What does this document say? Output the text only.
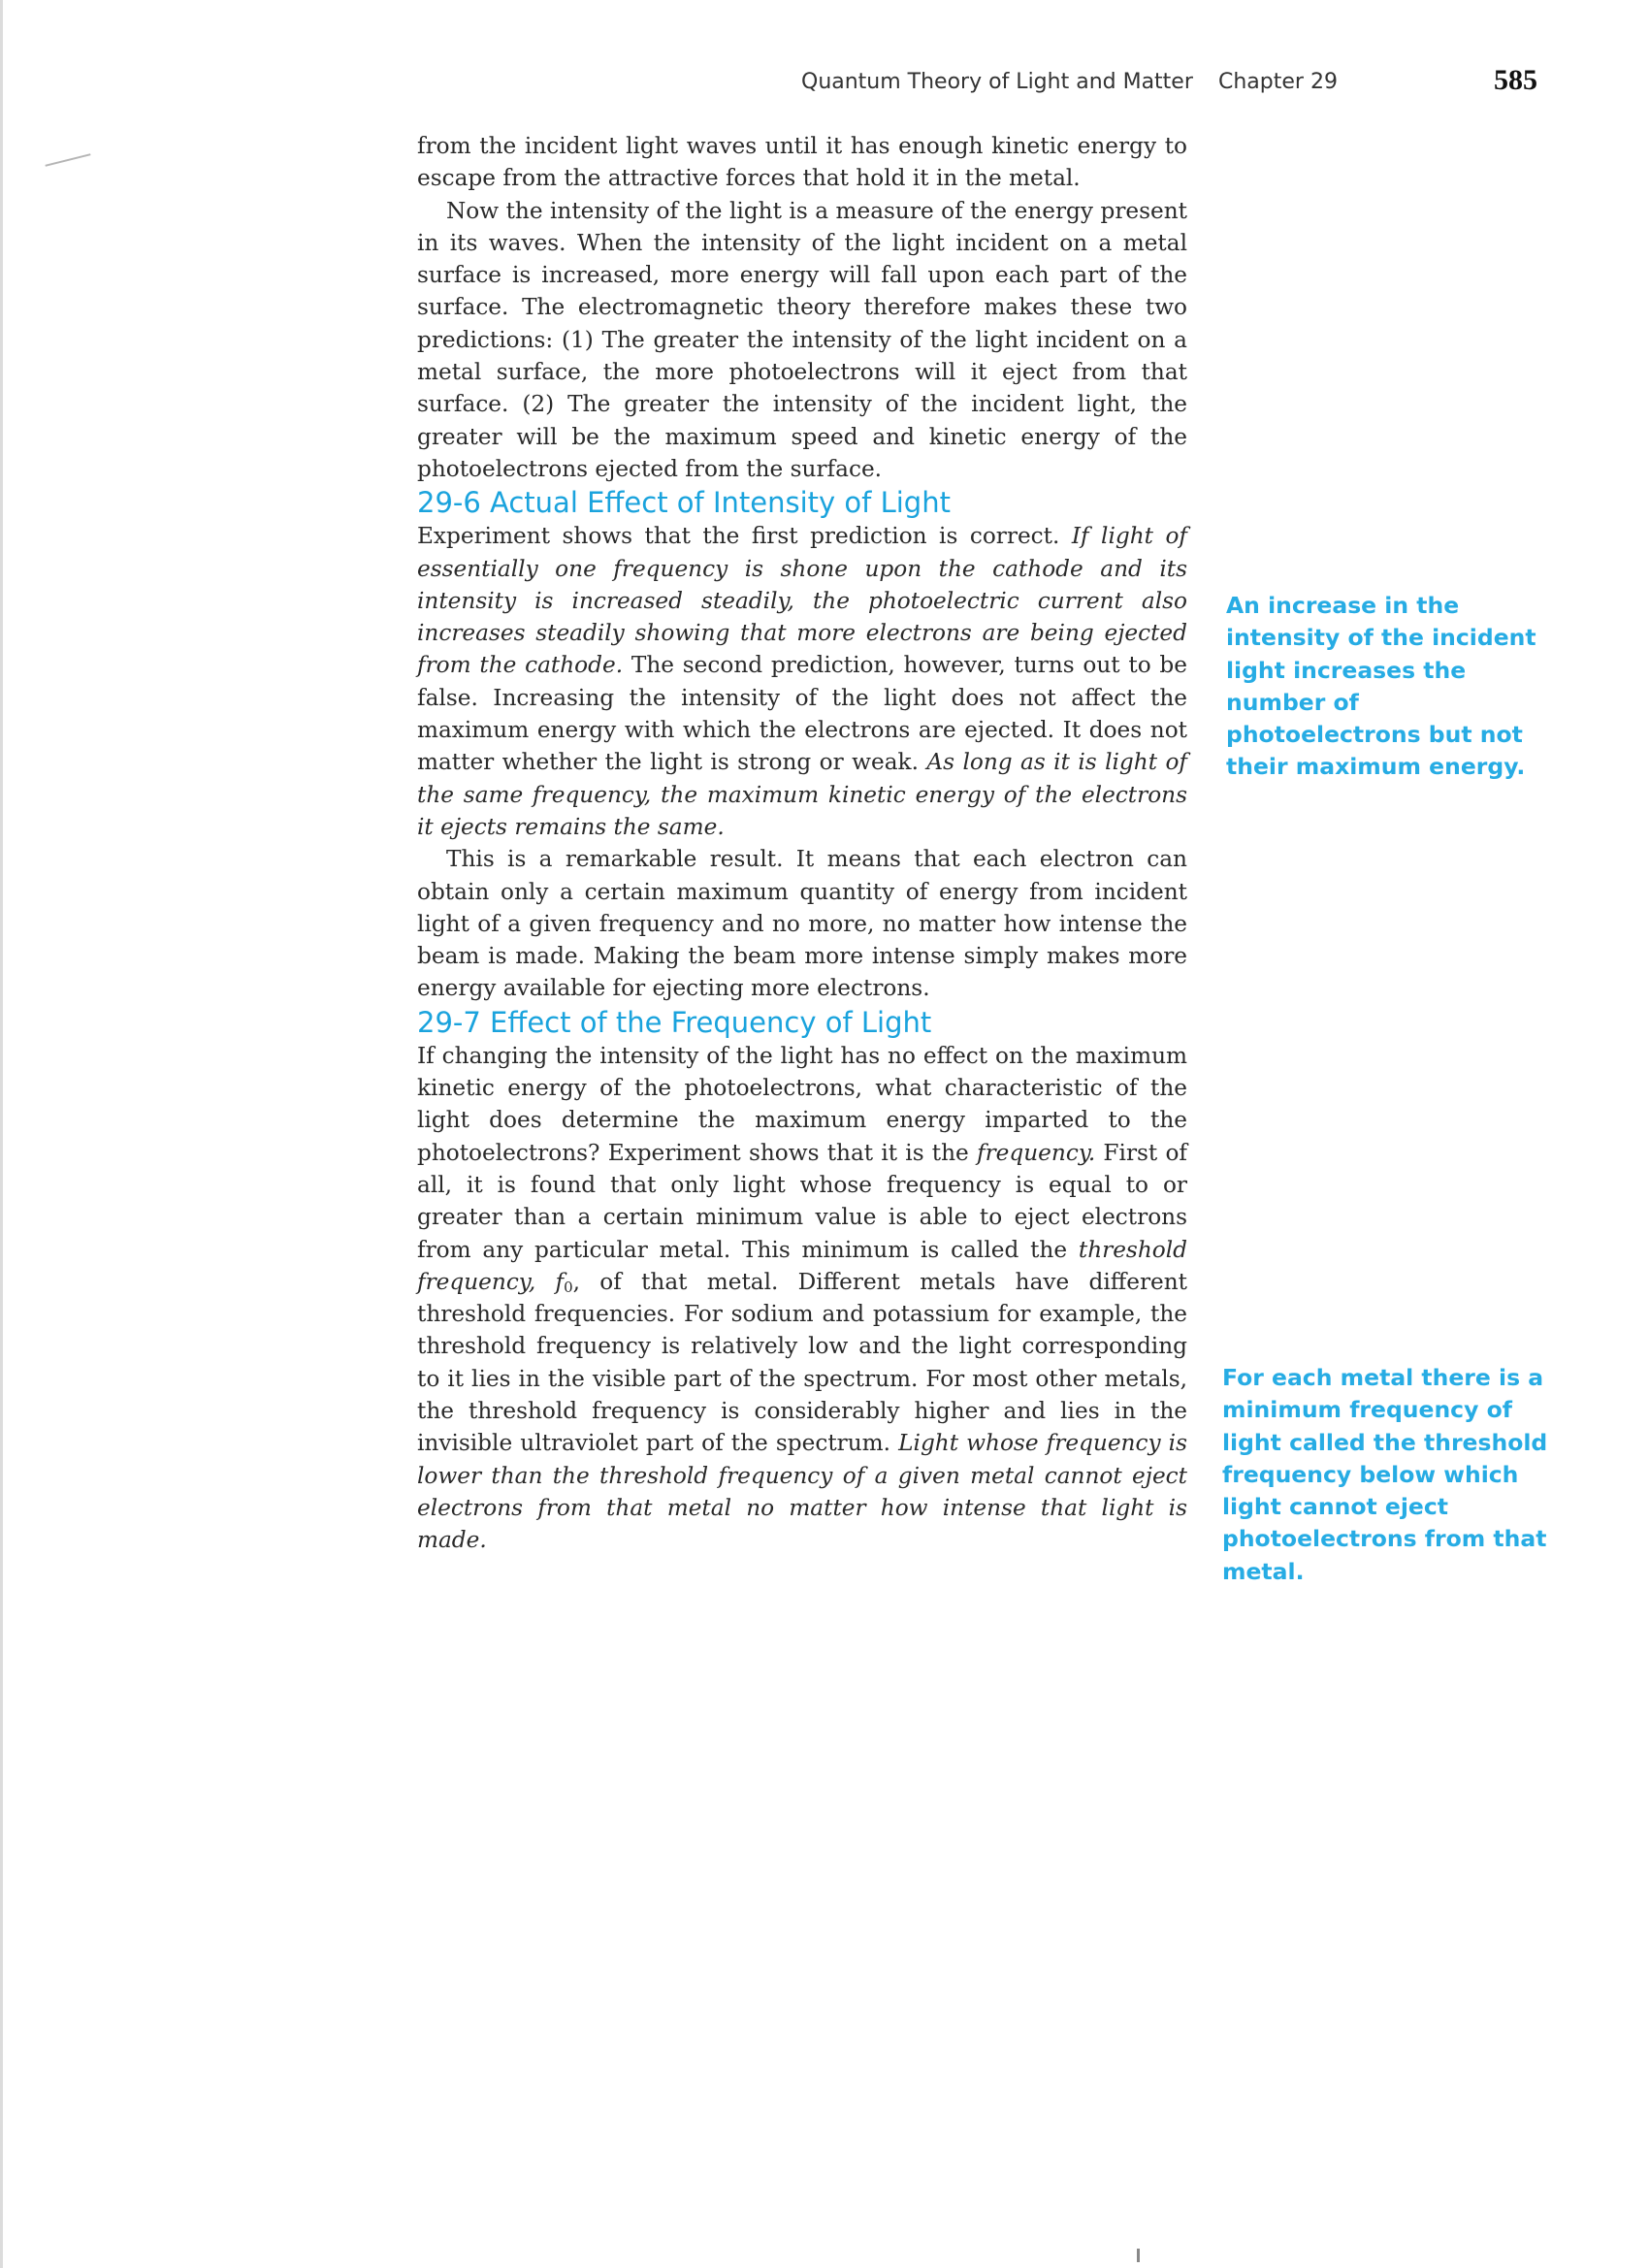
Quantum Theory of Light and Matter Chapter 29	585

from the incident light waves until it has enough kinetic energy to escape from the attractive forces that hold it in the metal.

Now the intensity of the light is a measure of the energy present in its waves. When the intensity of the light incident on a metal surface is increased, more energy will fall upon each part of the surface. The electromagnetic theory therefore makes these two predictions: (1) The greater the intensity of the light incident on a metal surface, the more photoelectrons will it eject from that surface. (2) The greater the intensity of the incident light, the greater will be the maximum speed and kinetic energy of the photoelectrons ejected from the surface.

29-6 Actual Effect of Intensity of Light

Experiment shows that the first prediction is correct. If light of essentially one frequency is shone upon the cathode and its intensity is increased steadily, the photoelectric current also increases steadily showing that more electrons are being ejected from the cathode. The second prediction, however, turns out to be false. Increasing the intensity of the light does not affect the maximum energy with which the electrons are ejected. It does not matter whether the light is strong or weak. As long as it is light of the same frequency, the maximum kinetic energy of the electrons it ejects remains the same.

This is a remarkable result. It means that each electron can obtain only a certain maximum quantity of energy from incident light of a given frequency and no more, no matter how intense the beam is made. Making the beam more intense simply makes more energy available for ejecting more electrons.

29-7 Effect of the Frequency of Light

If changing the intensity of the light has no effect on the maximum kinetic energy of the photoelectrons, what characteristic of the light does determine the maximum energy imparted to the photoelectrons? Experiment shows that it is the frequency. First of all, it is found that only light whose frequency is equal to or greater than a certain minimum value is able to eject electrons from any particular metal. This minimum is called the threshold frequency, $f_0$, of that metal. Different metals have different threshold frequencies. For sodium and potassium for example, the threshold frequency is relatively low and the light corresponding to it lies in the visible part of the spectrum. For most other metals, the threshold frequency is considerably higher and lies in the invisible ultraviolet part of the spectrum. Light whose frequency is lower than the threshold frequency of a given metal cannot eject electrons from that metal no matter how intense that light is made.

An increase in the intensity of the incident light increases the number of photoelectrons but not their maximum energy.
For each metal there is a minimum frequency of light called the threshold frequency below which light cannot eject photoelectrons from that metal.
